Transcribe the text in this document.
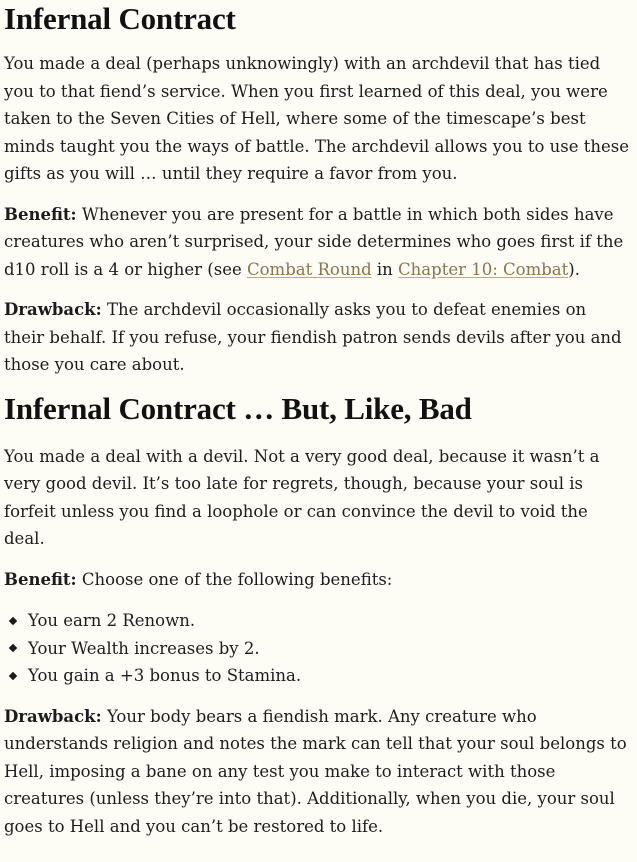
Infernal Contract

You made a deal (perhaps unknowingly) with an archdevil that has tied you to that fiend’s service. When you first learned of this deal, you were taken to the Seven Cities of Hell, where some of the timescape’s best minds taught you the ways of battle. The archdevil allows you to use these gifts as you will … until they require a favor from you.

Benefit: Whenever you are present for a battle in which both sides have creatures who aren’t surprised, your side determines who goes first if the d10 roll is a 4 or higher (see Combat Round in Chapter 10: Combat).

Drawback: The archdevil occasionally asks you to defeat enemies on their behalf. If you refuse, your fiendish patron sends devils after you and those you care about.

Infernal Contract … But, Like, Bad

You made a deal with a devil. Not a very good deal, because it wasn’t a very good devil. It’s too late for regrets, though, because your soul is forfeit unless you find a loophole or can convince the devil to void the deal.

Benefit: Choose one of the following benefits:

You earn 2 Renown.
Your Wealth increases by 2.
You gain a +3 bonus to Stamina.

Drawback: Your body bears a fiendish mark. Any creature who understands religion and notes the mark can tell that your soul belongs to Hell, imposing a bane on any test you make to interact with those creatures (unless they’re into that). Additionally, when you die, your soul goes to Hell and you can’t be restored to life.
